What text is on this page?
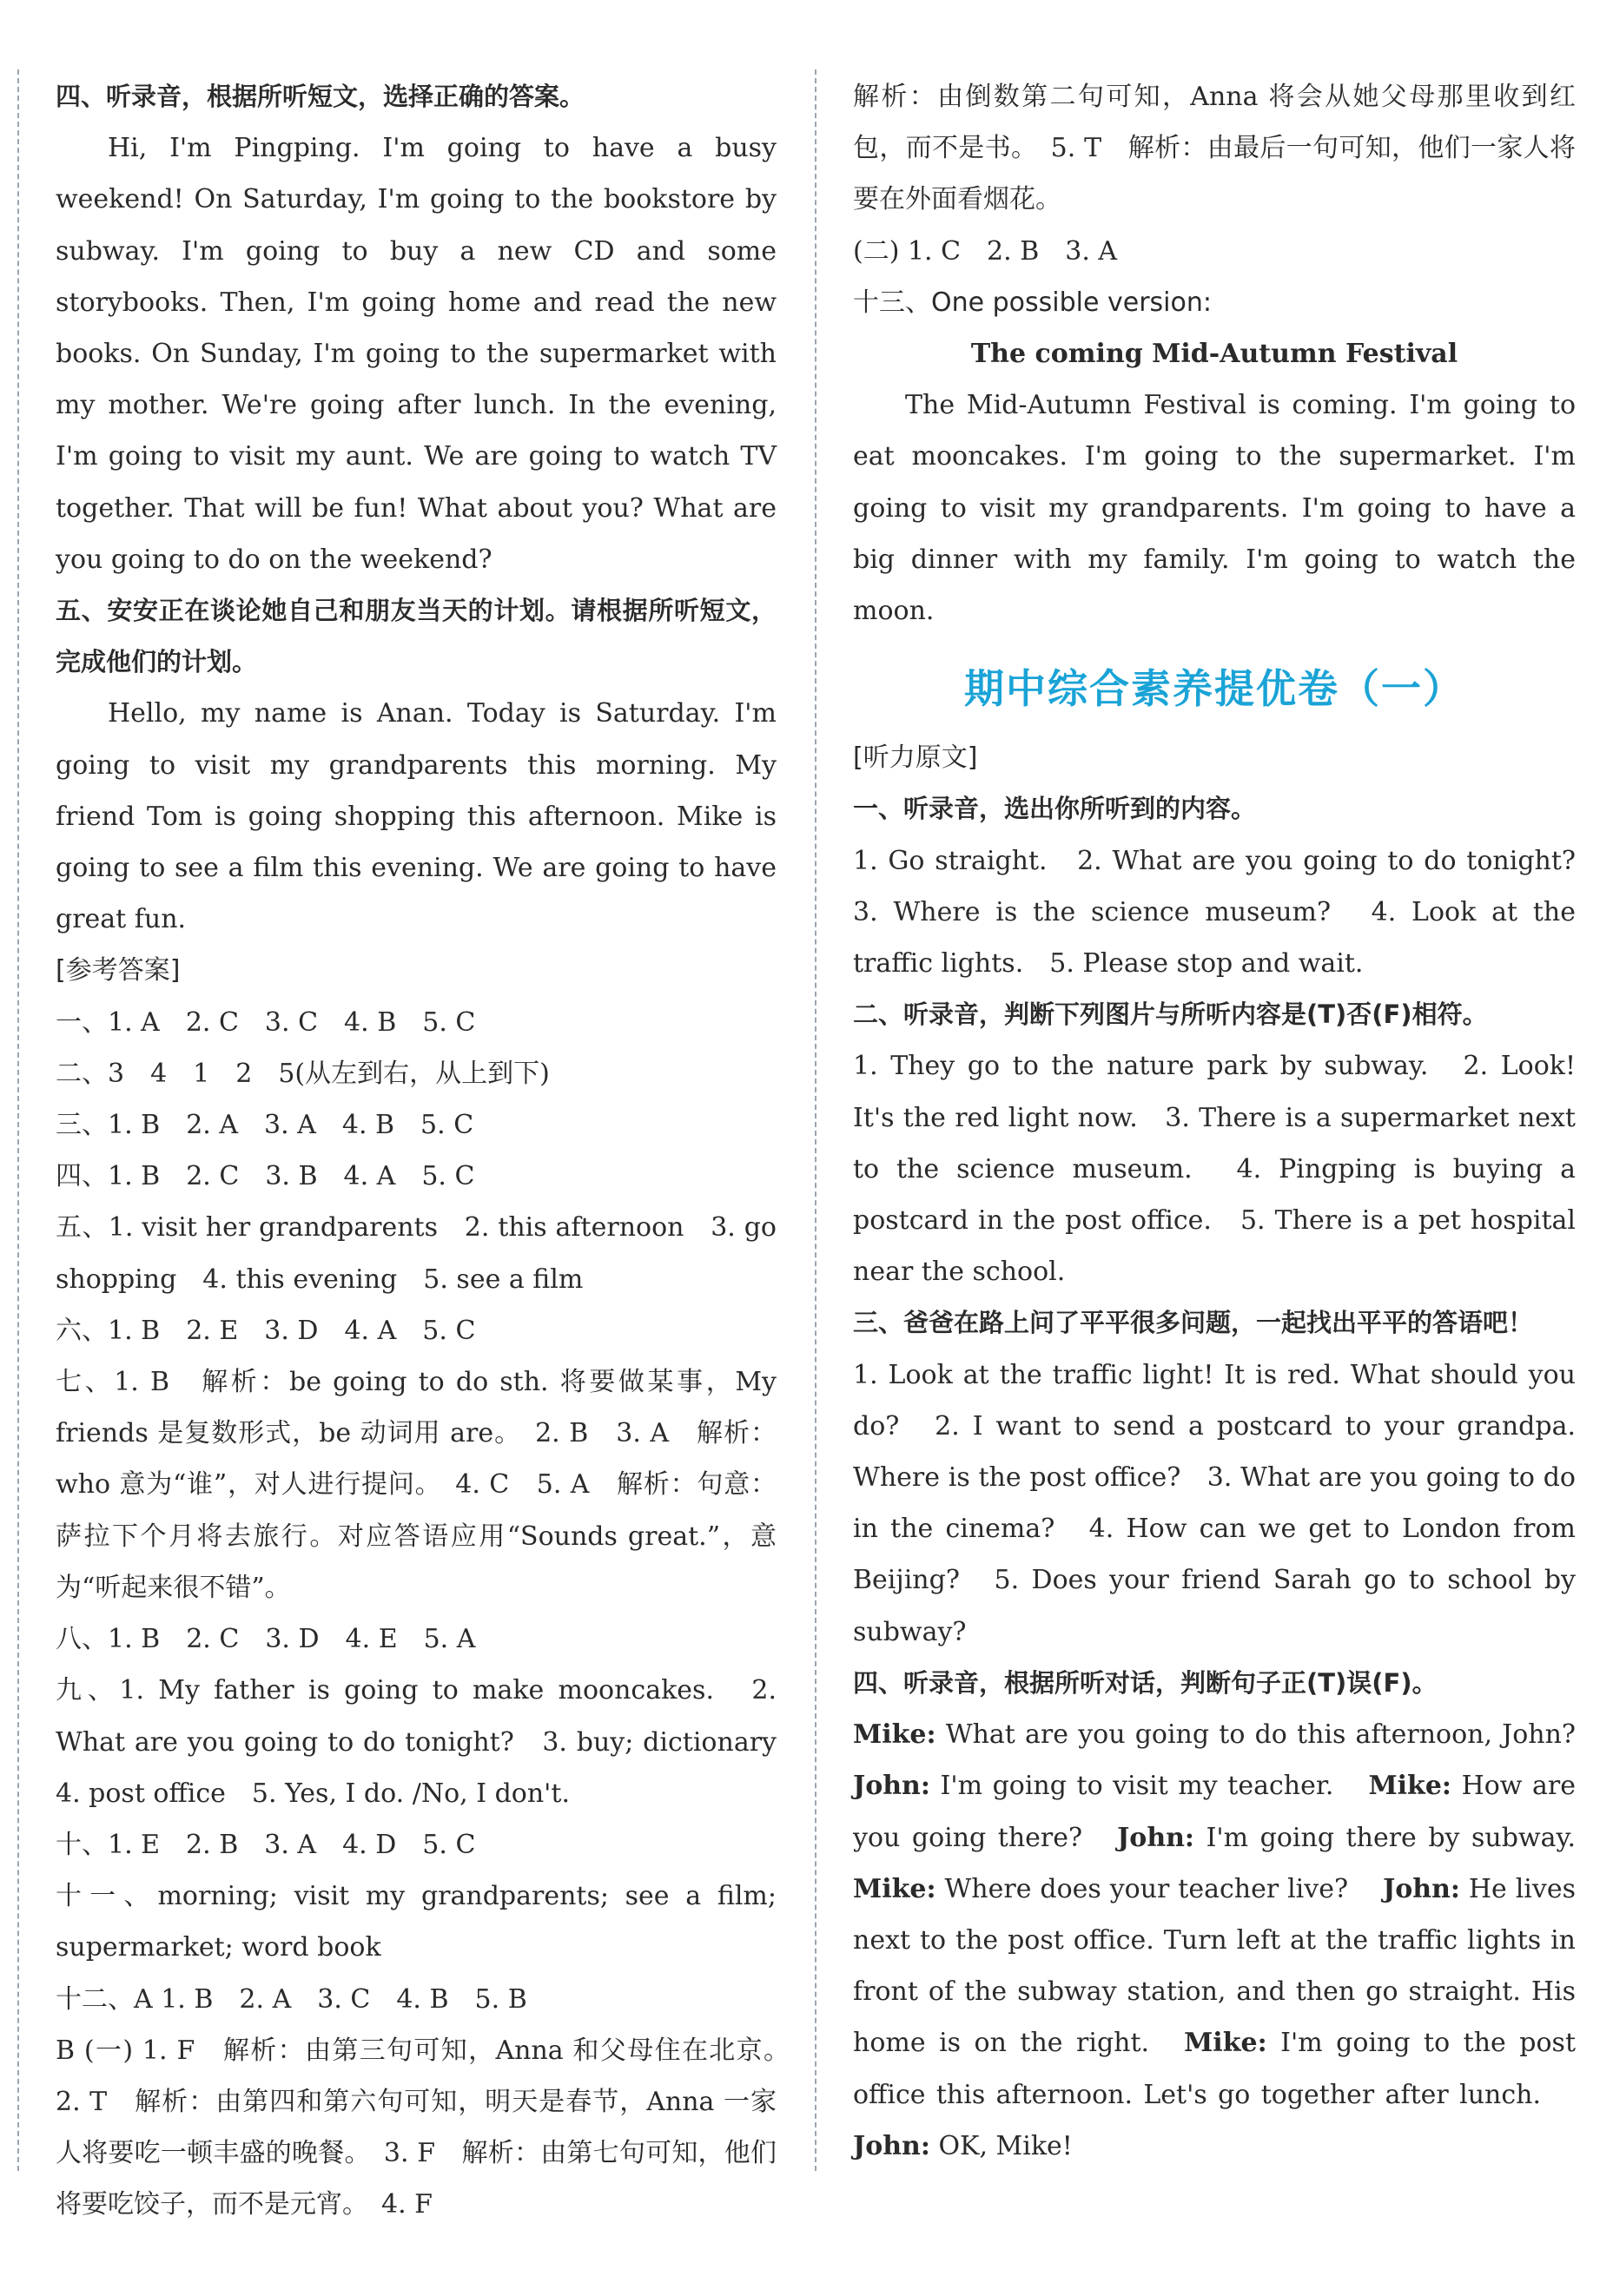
四、听录音，根据所听短文，选择正确的答案。

Hi, I'm Pingping. I'm going to have a busy weekend! On Saturday, I'm going to the bookstore by subway. I'm going to buy a new CD and some storybooks. Then, I'm going home and read the new books. On Sunday, I'm going to the supermarket with my mother. We're going after lunch. In the evening, I'm going to visit my aunt. We are going to watch TV together. That will be fun! What about you? What are you going to do on the weekend?

五、安安正在谈论她自己和朋友当天的计划。请根据所听短文，完成他们的计划。

Hello, my name is Anan. Today is Saturday. I'm going to visit my grandparents this morning. My friend Tom is going shopping this afternoon. Mike is going to see a film this evening. We are going to have great fun.

[参考答案]

一、1. A　2. C　3. C　4. B　5. C

二、3　4　1　2　5(从左到右，从上到下)

三、1. B　2. A　3. A　4. B　5. C

四、1. B　2. C　3. B　4. A　5. C

五、1. visit her grandparents　2. this afternoon　3. go shopping　4. this evening　5. see a film

六、1. B　2. E　3. D　4. A　5. C

七、1. B　解析：be going to do sth. 将要做某事，My friends 是复数形式，be 动词用 are。　2. B　3. A　解析：who 意为“谁”，对人进行提问。　4. C　5. A　解析：句意：萨拉下个月将去旅行。对应答语应用“Sounds great.”，意为“听起来很不错”。

八、1. B　2. C　3. D　4. E　5. A

九、1. My father is going to make mooncakes.　2. What are you going to do tonight?　3. buy; dictionary　4. post office　5. Yes, I do. /No, I don't.

十、1. E　2. B　3. A　4. D　5. C

十一、morning; visit my grandparents; see a film; supermarket; word book

十二、A 1. B　2. A　3. C　4. B　5. B

B (一) 1. F　解析：由第三句可知，Anna 和父母住在北京。　2. T　解析：由第四和第六句可知，明天是春节，Anna 一家人将要吃一顿丰盛的晚餐。　3. F　解析：由第七句可知，他们将要吃饺子，而不是元宵。　4. F

解析：由倒数第二句可知，Anna 将会从她父母那里收到红包，而不是书。　5. T　解析：由最后一句可知，他们一家人将要在外面看烟花。

(二) 1. C　2. B　3. A

十三、One possible version:

The coming Mid-Autumn Festival

The Mid-Autumn Festival is coming. I'm going to eat mooncakes. I'm going to the supermarket. I'm going to visit my grandparents. I'm going to have a big dinner with my family. I'm going to watch the moon.

期中综合素养提优卷（一）

[听力原文]

一、听录音，选出你所听到的内容。

1. Go straight.　2. What are you going to do tonight?　3. Where is the science museum?　4. Look at the traffic lights.　5. Please stop and wait.

二、听录音，判断下列图片与所听内容是(T)否(F)相符。

1. They go to the nature park by subway.　2. Look! It's the red light now.　3. There is a supermarket next to the science museum.　4. Pingping is buying a postcard in the post office.　5. There is a pet hospital near the school.

三、爸爸在路上问了平平很多问题，一起找出平平的答语吧！

1. Look at the traffic light! It is red. What should you do?　2. I want to send a postcard to your grandpa. Where is the post office?　3. What are you going to do in the cinema?　4. How can we get to London from Beijing?　5. Does your friend Sarah go to school by subway?

四、听录音，根据所听对话，判断句子正(T)误(F)。

Mike: What are you going to do this afternoon, John? John: I'm going to visit my teacher. Mike: How are you going there? John: I'm going there by subway. Mike: Where does your teacher live? John: He lives next to the post office. Turn left at the traffic lights in front of the subway station, and then go straight. His home is on the right. Mike: I'm going to the post office this afternoon. Let's go together after lunch.John: OK, Mike!
